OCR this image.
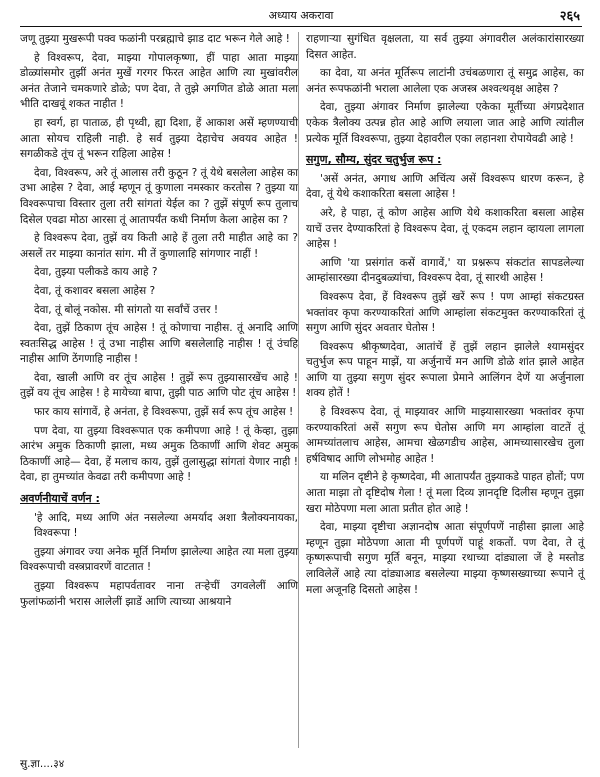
अध्याय अकरावा	२६५

जणू तुझ्या मुखरूपी पक्व फळांनी परब्रह्माचे झाड दाट भरून गेले आहे !

हे विश्वरूप, देवा, माझ्या गोपालकृष्णा, हीं पाहा आता माझ्या डोळ्यांसमोर तुझीं अनंत मुखें गरगर फिरत आहेत आणि त्या मुखांवरील अनंत तेजाने चमकणारे डोळे; पण देवा, ते तुझे अगणित डोळे आता मला भीति दाखवूं शकत नाहीत !

हा स्वर्ग, हा पाताळ, ही पृथ्वी, ह्या दिशा, हें आकाश असें म्हणण्याची आता सोयच राहिली नाही. हे सर्व तुझ्या देहाचेच अवयव आहेत ! सगळीकडे तूंच तूं भरून राहिला आहेस !

देवा, विश्वरूप, अरे तूं आलास तरी कुठून ? तूं येथे बसलेला आहेस का उभा आहेस ? देवा, आई म्हणून तूं कुणाला नमस्कार करतोस ? तुझ्या या विश्वरूपाचा विस्तार तुला तरी सांगतां येईल का ? तुझें संपूर्ण रूप तुलाच दिसेल एवढा मोठा आरसा तूं आतापर्यंत कधी निर्माण केला आहेस का ?

हे विश्वरूप देवा, तुझें वय किती आहे हें तुला तरी माहीत आहे का ? असलें तर माझ्या कानांत सांग. मी तें कुणालाहि सांगणार नाहीं !

देवा, तुझ्या पलीकडे काय आहे ?

देवा, तूं कशावर बसला आहेस ?

देवा, तूं बोलूं नकोस. मी सांगतो या सर्वांचें उत्तर !

देवा, तुझें ठिकाण तूंच आहेस ! तूं कोणाचा नाहीस. तूं अनादि आणि स्वतःसिद्ध आहेस ! तूं उभा नाहीस आणि बसलेलाहि नाहीस ! तूं उंचहि नाहीस आणि ठेंगणाहि नाहीस !

देवा, खाली आणि वर तूंच आहेस ! तुझें रूप तुझ्यासारखेंच आहे ! तुझें वय तूंच आहेस ! हे मायेच्या बापा, तुझी पाठ आणि पोट तूंच आहेस !

फार काय सांगावें, हे अनंता, हे विश्वरूपा, तुझें सर्व रूप तूंच आहेस !

पण देवा, या तुझ्या विश्वरूपात एक कमीपणा आहे ! तूं केव्हा, तुझा आरंभ अमुक ठिकाणी झाला, मध्य अमुक ठिकाणीं आणि शेवट अमुक ठिकाणीं आहे— देवा, हें मलाच काय, तुझें तुलासुद्धा सांगतां येणार नाही ! देवा, हा तुमच्यांत केवढा तरी कमीपणा आहे !

अवर्णनीयाचें वर्णन :

'हे आदि, मध्य आणि अंत नसलेल्या अमर्याद अशा त्रैलोक्यनायका, विश्वरूपा !

तुझ्या अंगावर ज्या अनेक मूर्ति निर्माण झालेल्या आहेत त्या मला तुझ्या विश्वरूपाची वस्त्रप्रावरणें वाटतात !

तुझ्या विश्वरूप महापर्वतावर नाना तऱ्हेचीं उगवलेलीं आणि फुलांफळांनी भरास आलेलीं झाडें आणि त्याच्या आश्रयाने

राहणाऱ्या सुगंधित वृक्षलता, या सर्व तुझ्या अंगावरील अलंकारांसारख्या दिसत आहेत.

का देवा, या अनंत मूर्तिरूप लाटांनी उचंबळणारा तूं समुद्र आहेस, का अनंत रूपफळांनी भराला आलेला एक अजस्त्र अश्वत्थवृक्ष आहेस ?

देवा, तुझ्या अंगावर निर्माण झालेल्या एकेका मूर्तीच्या अंगप्रदेशात एकेक त्रैलोक्य उत्पन्न होत आहे आणि लयाला जात आहे आणि त्यांतील प्रत्येक मूर्ति विश्वरूपा, तुझ्या देहावरील एका लहानशा रोपायेवढी आहे !

सगुण, सौम्य, सुंदर चतुर्भुज रूप :

'असें अनंत, अगाध आणि अचिंत्य असें विश्वरूप धारण करून, हे देवा, तूं येथे कशाकरिता बसला आहेस !

अरे, हे पाहा, तूं कोण आहेस आणि येथे कशाकरिता बसला आहेस याचें उत्तर देण्याकरितां हे विश्वरूप देवा, तूं एकदम लहान व्हायला लागला आहेस !

आणि 'या प्रसंगांत कसें वागावें,' या प्रश्नरूप संकटांत सापडलेल्या आम्हांसारख्या दीनदुबळ्यांचा, विश्वरूप देवा, तूं सारथी आहेस !

विश्वरूप देवा, हें विश्वरूप तुझें खरें रूप ! पण आम्हां संकटग्रस्त भक्तांवर कृपा करण्याकरितां आणि आम्हांला संकटमुक्त करण्याकरितां तूं सगुण आणि सुंदर अवतार घेतोस !

विश्वरूप श्रीकृष्णदेवा, आतांचें हें तुझें लहान झालेले श्यामसुंदर चतुर्भुज रूप पाहून माझें, या अर्जुनाचें मन आणि डोळे शांत झाले आहेत आणि या तुझ्या सगुण सुंदर रूपाला प्रेमाने आलिंगन देणें या अर्जुनाला शक्य होतें !

हे विश्वरूप देवा, तूं माझ्यावर आणि माझ्यासारख्या भक्तांवर कृपा करण्याकरितां असें सगुण रूप घेतोस आणि मग आम्हांला वाटतें तूं आमच्यांतलाच आहेस, आमचा खेळगडीच आहेस, आमच्यासारखेच तुला हर्षविषाद आणि लोभमोह आहेत !

या मलिन दृष्टीने हे कृष्णदेवा, मी आतापर्यंत तुझ्याकडे पाहत होतों; पण आता माझा तो दृष्टिदोष गेला ! तूं मला दिव्य ज्ञानदृष्टि दिलीस म्हणून तुझा खरा मोठेपणा मला आता प्रतीत होत आहे !

देवा, माझ्या दृष्टीचा अज्ञानदोष आता संपूर्णपणें नाहीसा झाला आहे म्हणून तुझा मोठेपणा आता मी पूर्णपणें पाहूं शकतों. पण देवा, ते तूं कृष्णरूपाची सगुण मूर्ति बनून, माझ्या रथाच्या दांड्याला जें हे मस्तोड लाविलेलें आहे त्या दांड्याआड बसलेल्या माझ्या कृष्णसख्याच्या रूपाने तूं मला अजूनहि दिसतो आहेस !

सु.ज्ञा....३४
